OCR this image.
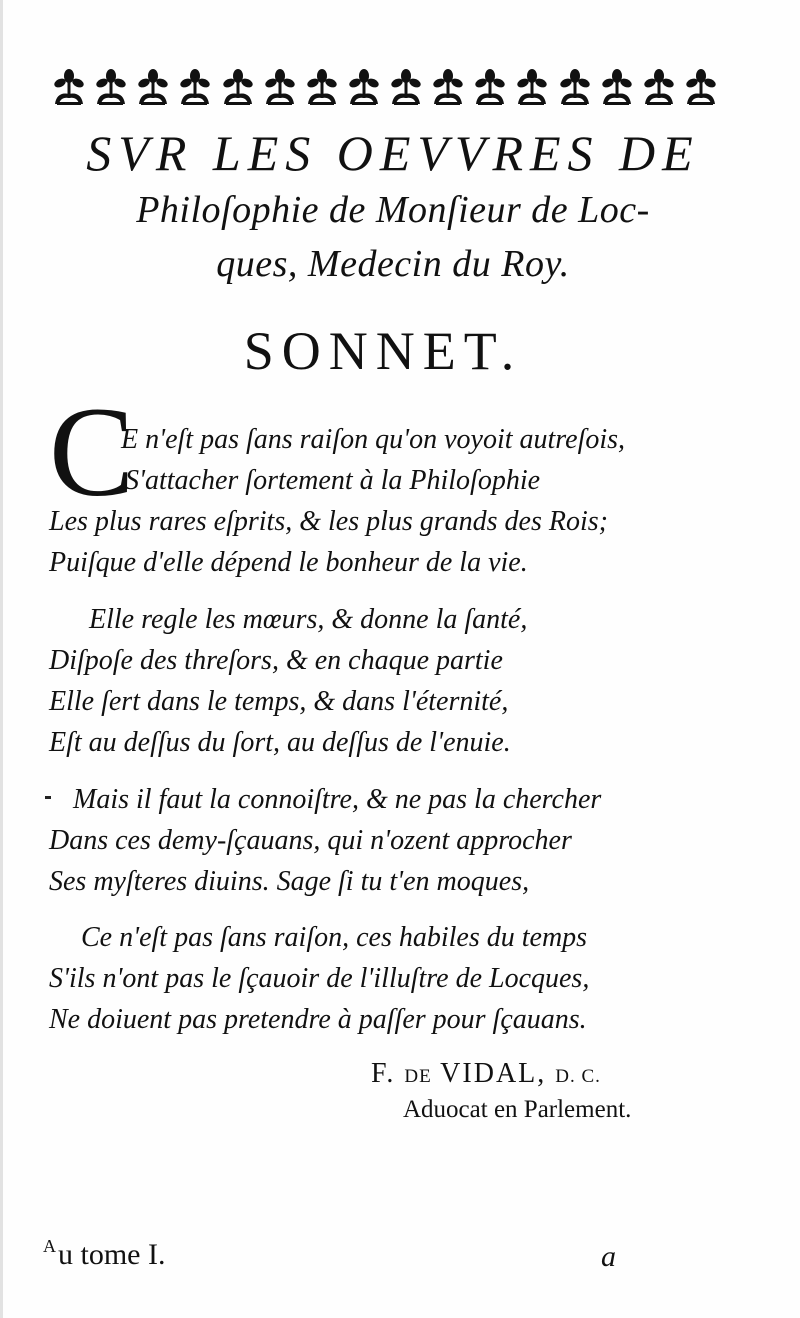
SVR LES OEVVRES DE

Philoſophie de Monſieur de Loc-

ques, Medecin du Roy.

SONNET.
C

E n'eſt pas ſans raiſon qu'on voyoit autreſois,

S'attacher ſortement à la Philoſophie

Les plus rares eſprits, & les plus grands des Rois;

Puiſque d'elle dépend le bonheur de la vie.

Elle regle les mœurs, & donne la ſanté,

Diſpoſe des threſors, & en chaque partie

Elle ſert dans le temps, & dans l'éternité,

Eſt au deſſus du ſort, au deſſus de l'enuie.

Mais il faut la connoiſtre, & ne pas la chercher

Dans ces demy-ſçauans, qui n'ozent approcher

Ses myſteres diuins. Sage ſi tu t'en moques,

Ce n'eſt pas ſans raiſon, ces habiles du temps

S'ils n'ont pas le ſçauoir de l'illuſtre de Locques,

Ne doiuent pas pretendre à paſſer pour ſçauans.

F. DE VIDAL, D. C.
Aduocat en Parlement.
$^A$u tome I.	a
